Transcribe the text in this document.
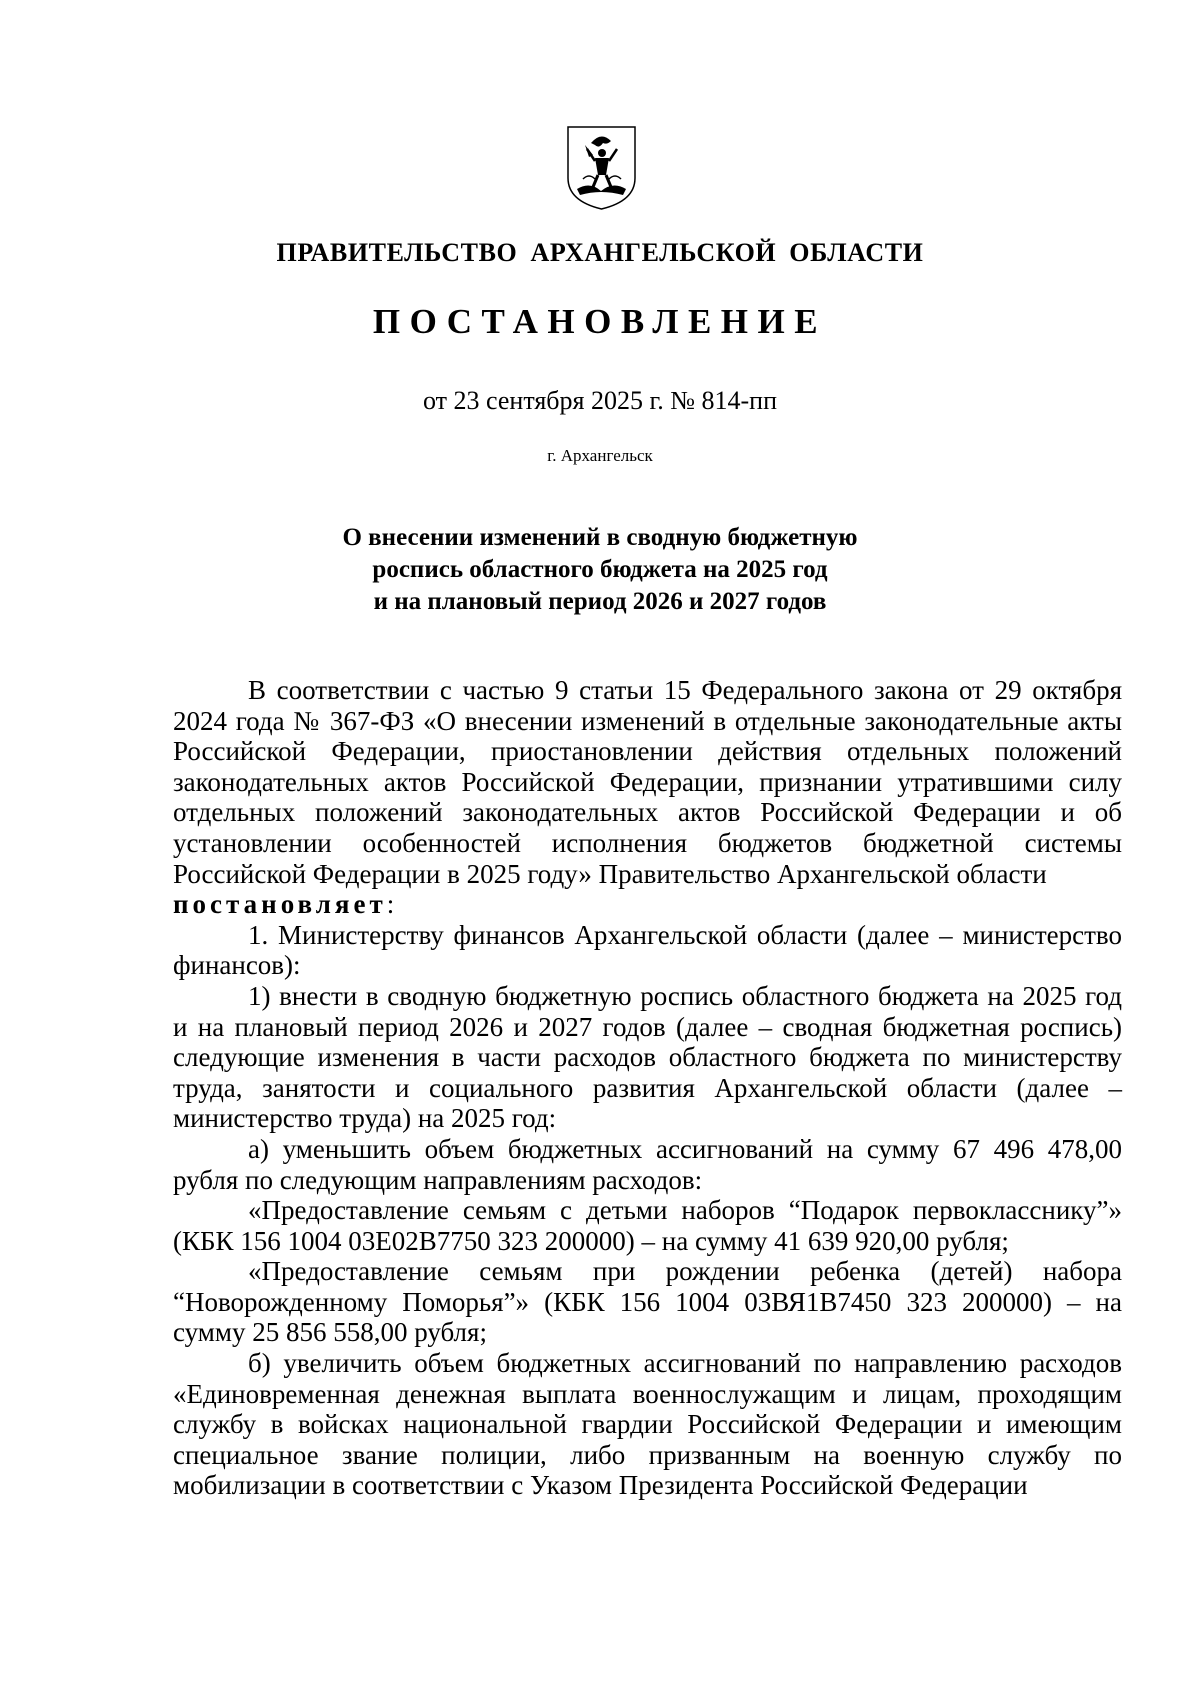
ПРАВИТЕЛЬСТВО АРХАНГЕЛЬСКОЙ ОБЛАСТИ
ПОСТАНОВЛЕНИЕ
от 23 сентября 2025 г. № 814-пп
г. Архангельск
О внесении изменений в сводную бюджетную
роспись областного бюджета на 2025 год
и на плановый период 2026 и 2027 годов

В соответствии с частью 9 статьи 15 Федерального закона от 29 октября 2024 года № 367-ФЗ «О внесении изменений в отдельные законодательные акты Российской Федерации, приостановлении действия отдельных положений законодательных актов Российской Федерации, признании утратившими силу отдельных положений законодательных актов Российской Федерации и об установлении особенностей исполнения бюджетов бюджетной системы Российской Федерации в 2025 году» Правительство Архангельской области
постановляет:

1. Министерству финансов Архангельской области (далее – министерство финансов):

1) внести в сводную бюджетную роспись областного бюджета на 2025 год и на плановый период 2026 и 2027 годов (далее – сводная бюджетная роспись) следующие изменения в части расходов областного бюджета по министерству труда, занятости и социального развития Архангельской области (далее – министерство труда) на 2025 год:

а) уменьшить объем бюджетных ассигнований на сумму 67 496 478,00 рубля по следующим направлениям расходов:

«Предоставление семьям с детьми наборов “Подарок первокласснику”» (КБК 156 1004 03Е02В7750 323 200000) – на сумму 41 639 920,00 рубля;

«Предоставление семьям при рождении ребенка (детей) набора “Новорожденному Поморья”» (КБК 156 1004 03ВЯ1В7450 323 200000) – на сумму 25 856 558,00 рубля;

б) увеличить объем бюджетных ассигнований по направлению расходов «Единовременная денежная выплата военнослужащим и лицам, проходящим службу в войсках национальной гвардии Российской Федерации и имеющим специальное звание полиции, либо призванным на военную службу по мобилизации в соответствии с Указом Президента Российской Федерации
